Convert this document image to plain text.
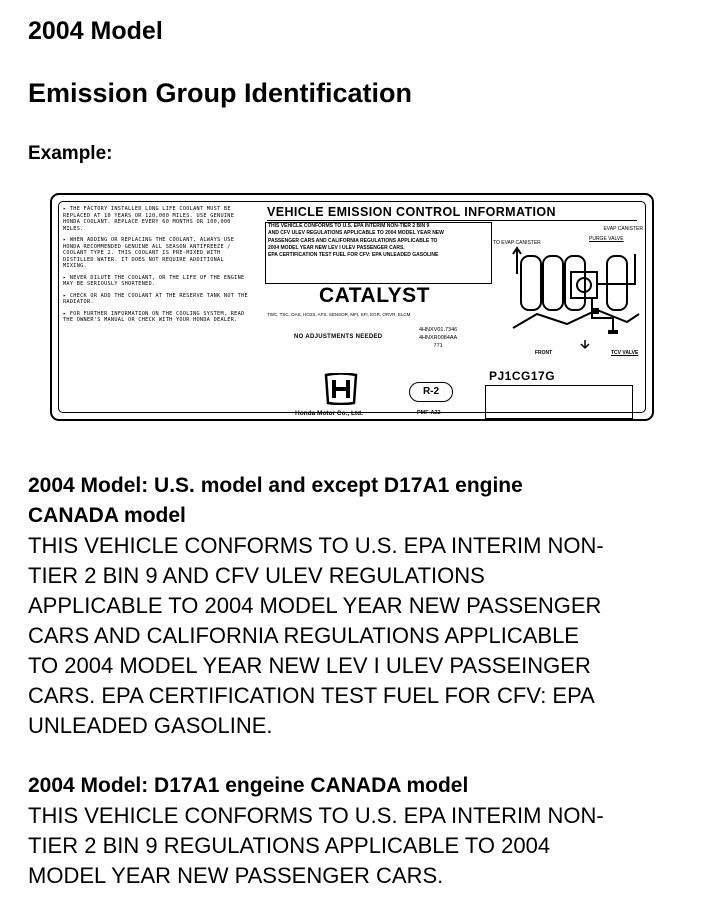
2004 Model
Emission Group Identification
Example:
▸ THE FACTORY INSTALLED LONG LIFE COOLANT MUST BE REPLACED AT 10 YEARS OR 120,000 MILES. USE GENUINE HONDA COOLANT. REPLACE EVERY 60 MONTHS OR 100,000 MILES.
▸ WHEN ADDING OR REPLACING THE COOLANT, ALWAYS USE HONDA RECOMMENDED GENUINE ALL SEASON ANTIFREEZE / COOLANT TYPE 2. THIS COOLANT IS PRE-MIXED WITH DISTILLED WATER. IT DOES NOT REQUIRE ADDITIONAL MIXING.
▸ NEVER DILUTE THE COOLANT, OR THE LIFE OF THE ENGINE MAY BE SERIOUSLY SHORTENED.
▸ CHECK OR ADD THE COOLANT AT THE RESERVE TANK NOT THE RADIATOR.
▸ FOR FURTHER INFORMATION ON THE COOLING SYSTEM, READ THE OWNER'S MANUAL OR CHECK WITH YOUR HONDA DEALER.
VEHICLE EMISSION CONTROL INFORMATION
THIS VEHICLE CONFORMS TO U.S. EPA INTERIM NON-TIER 2 BIN 9
AND CFV ULEV REGULATIONS APPLICABLE TO 2004 MODEL YEAR NEW
PASSENGER CARS AND CALIFORNIA REGULATIONS APPLICABLE TO
2004 MODEL YEAR NEW LEV I ULEV PASSENGER CARS.
EPA CERTIFICATION TEST FUEL FOR CFV: EPA UNLEADED GASOLINE
CATALYST
TWC, TSC, OAS, HO2S, AFS, SENSOR, MFI, SFI, EGR, ORVR, ELCM
NO ADJUSTMENTS NEEDED
4HNXV01.7346
4HNXR0084AA
771
EVAP CANISTER
TO EVAP CANISTER
PURGE VALVE
FRONT	TCV VALVE
Honda Motor Co., Ltd.
R-2
PMF-A22
PJ1CG17G
2004 Model: U.S. model and except D17A1 engine
CANADA model
THIS VEHICLE CONFORMS TO U.S. EPA INTERIM NON-
TIER 2 BIN 9 AND CFV ULEV REGULATIONS
APPLICABLE TO 2004 MODEL YEAR NEW PASSENGER
CARS AND CALIFORNIA REGULATIONS APPLICABLE
TO 2004 MODEL YEAR NEW LEV I ULEV PASSEINGER
CARS. EPA CERTIFICATION TEST FUEL FOR CFV: EPA
UNLEADED GASOLINE.
2004 Model: D17A1 engeine CANADA model
THIS VEHICLE CONFORMS TO U.S. EPA INTERIM NON-
TIER 2 BIN 9 REGULATIONS APPLICABLE TO 2004
MODEL YEAR NEW PASSENGER CARS.
